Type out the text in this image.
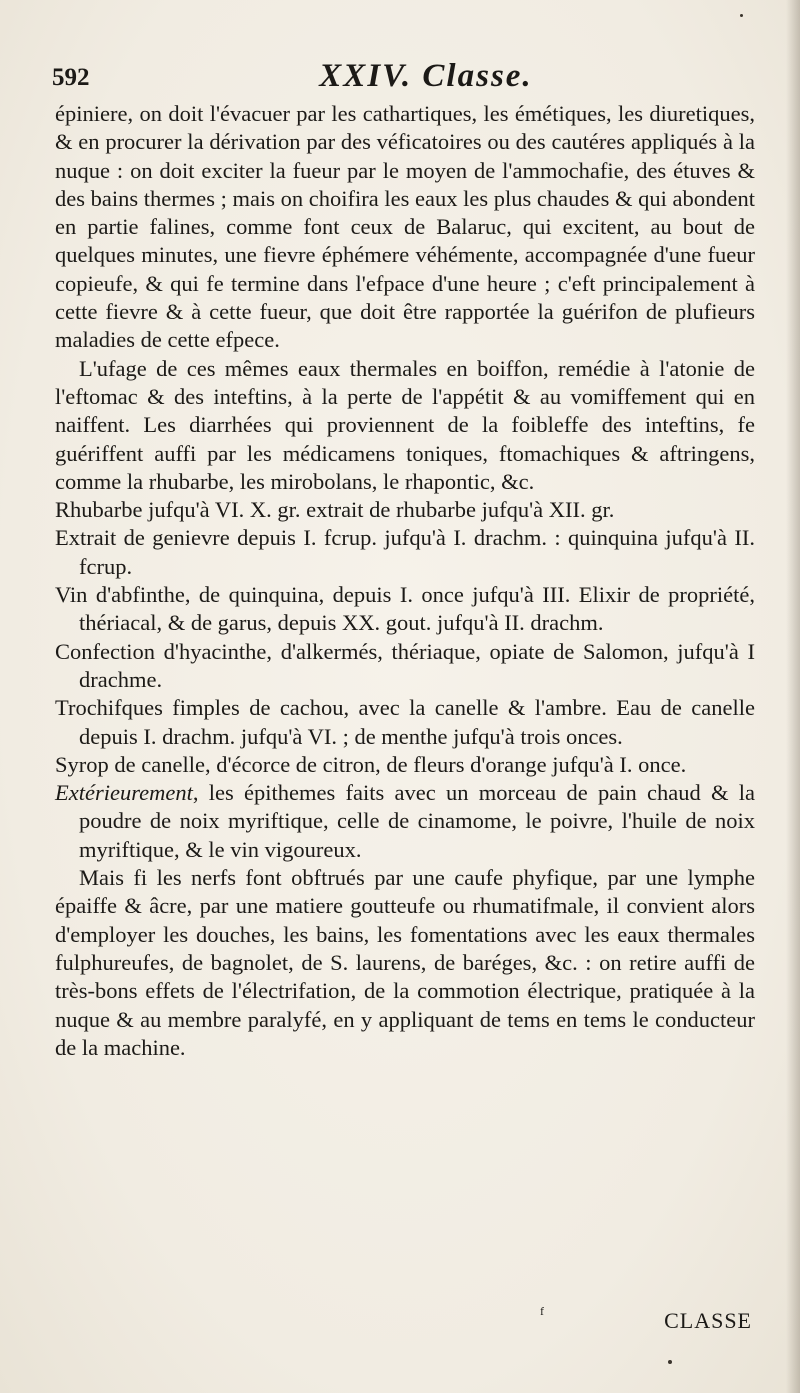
592	XXIV. Classe.

épiniere, on doit l'évacuer par les cathartiques, les émétiques, les diuretiques, & en procurer la dérivation par des véficatoires ou des cautéres appliqués à la nuque : on doit exciter la fueur par le moyen de l'ammochafie, des étuves & des bains thermes ; mais on choifira les eaux les plus chaudes & qui abondent en partie falines, comme font ceux de Balaruc, qui excitent, au bout de quelques minutes, une fievre éphémere véhémente, accompagnée d'une fueur copieufe, & qui fe termine dans l'efpace d'une heure ; c'eft principalement à cette fievre & à cette fueur, que doit être rapportée la guérifon de plufieurs maladies de cette efpece.

L'ufage de ces mêmes eaux thermales en boiffon, remédie à l'atonie de l'eftomac & des inteftins, à la perte de l'appétit & au vomiffement qui en naiffent. Les diarrhées qui proviennent de la foibleffe des inteftins, fe guériffent auffi par les médicamens toniques, ftomachiques & aftringens, comme la rhubarbe, les mirobolans, le rhapontic, &c.

Rhubarbe jufqu'à VI. X. gr. extrait de rhubarbe jufqu'à XII. gr.

Extrait de genievre depuis I. fcrup. jufqu'à I. drachm. : quinquina jufqu'à II. fcrup.

Vin d'abfinthe, de quinquina, depuis I. once jufqu'à III. Elixir de propriété, thériacal, & de garus, depuis XX. gout. jufqu'à II. drachm.

Confection d'hyacinthe, d'alkermés, thériaque, opiate de Salomon, jufqu'à I drachme.

Trochifques fimples de cachou, avec la canelle & l'ambre. Eau de canelle depuis I. drachm. jufqu'à VI. ; de menthe jufqu'à trois onces.

Syrop de canelle, d'écorce de citron, de fleurs d'orange jufqu'à I. once.

Extérieurement, les épithemes faits avec un morceau de pain chaud & la poudre de noix myriftique, celle de cinamome, le poivre, l'huile de noix myriftique, & le vin vigoureux.

Mais fi les nerfs font obftrués par une caufe phyfique, par une lymphe épaiffe & âcre, par une matiere goutteufe ou rhumatifmale, il convient alors d'employer les douches, les bains, les fomentations avec les eaux thermales fulphureufes, de bagnolet, de S. laurens, de baréges, &c. : on retire auffi de très-bons effets de l'électrifation, de la commotion électrique, pratiquée à la nuque & au membre paralyfé, en y appliquant de tems en tems le conducteur de la machine.

f	CLASSE
